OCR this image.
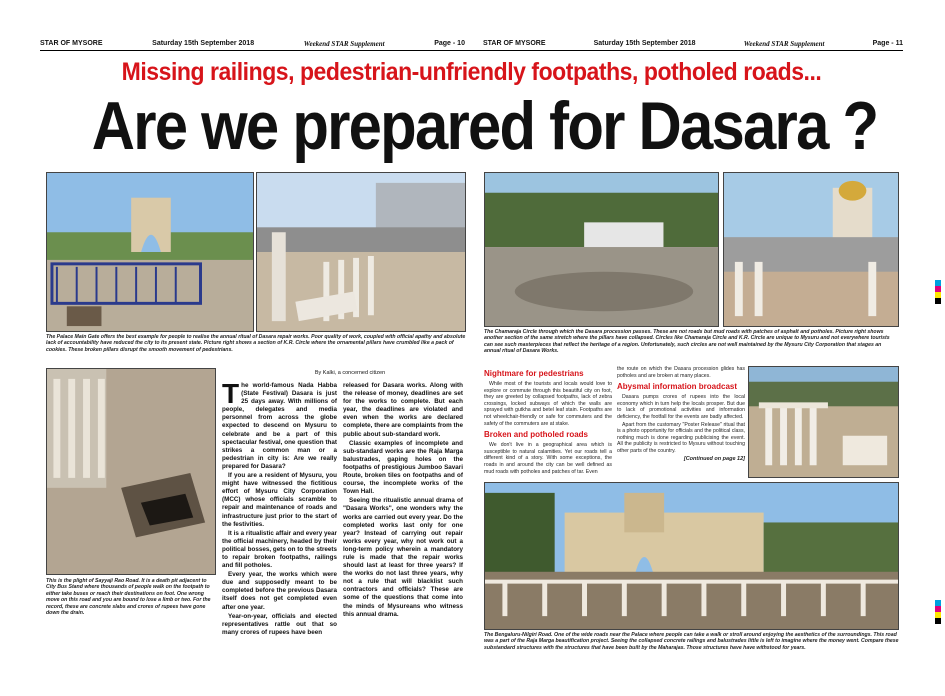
STAR OF MYSORE	Saturday 15th September 2018	Weekend STAR Supplement	Page - 10	STAR OF MYSORE	Saturday 15th September 2018	Weekend STAR Supplement	Page - 11
Missing railings, pedestrian-unfriendly footpaths, potholed roads...
Are we prepared for Dasara ?
The Palace Main Gate offers the best example for people to realise the annual ritual of Dasara repair works. Poor quality of work, coupled with official apathy and absolute lack of accountability have reduced the city to its present state. Picture right shows a section of K.R. Circle where the ornamental pillars have crumbled like a pack of cookies. These broken pillars disrupt the smooth movement of pedestrians.
The Chamaraja Circle through which the Dasara procession passes. These are not roads but mud roads with patches of asphalt and potholes. Picture right shows another section of the same stretch where the pillars have collapsed. Circles like Chamaraja Circle and K.R. Circle are unique to Mysuru and not everywhere tourists can see such masterpieces that reflect the heritage of a region. Unfortunately, such circles are not well maintained by the Mysuru City Corporation that stages an annual ritual of Dasara Works.
This is the plight of Sayyaji Rao Road. It is a death pit adjacent to City Bus Stand where thousands of people walk on the footpath to either take buses or reach their destinations on foot. One wrong move on this road and you are bound to lose a limb or two. For the record, these are concrete slabs and crores of rupees have gone down the drain.
By Kalki, a concerned citizen

The world-famous Nada Habba (State Festival) Dasara is just 25 days away. With millions of people, delegates and media personnel from across the globe expected to descend on Mysuru to celebrate and be a part of this spectacular festival, one question that strikes a common man or a pedestrian in city is: Are we really prepared for Dasara?

If you are a resident of Mysuru, you might have witnessed the fictitious effort of Mysuru City Corporation (MCC) whose officials scramble to repair and maintenance of roads and infrastructure just prior to the start of the festivities.

It is a ritualistic affair and every year the official machinery, headed by their political bosses, gets on to the streets to repair broken footpaths, railings and fill potholes.

Every year, the works which were due and supposedly meant to be completed before the previous Dasara itself does not get completed even after one year.

Year-on-year, officials and elected representatives rattle out that so many crores of rupees have been

released for Dasara works. Along with the release of money, deadlines are set for the works to complete. But each year, the deadlines are violated and even when the works are declared complete, there are complaints from the public about sub-standard work.

Classic examples of incomplete and sub-standard works are the Raja Marga balustrades, gaping holes on the footpaths of prestigious Jumboo Savari Route, broken tiles on footpaths and of course, the incomplete works of the Town Hall.

Seeing the ritualistic annual drama of "Dasara Works", one wonders why the works are carried out every year. Do the completed works last only for one year? Instead of carrying out repair works every year, why not work out a long-term policy wherein a mandatory rule is made that the repair works should last at least for three years? If the works do not last three years, why not a rule that will blacklist such contractors and officials? These are some of the questions that come into the minds of Mysureans who witness this annual drama.

Nightmare for pedestrians

While most of the tourists and locals would love to explore or commute through this beautiful city on foot, they are greeted by collapsed footpaths, lack of zebra crossings, locked subways of which the walls are sprayed with gutkha and betel leaf stain. Footpaths are not wheelchair-friendly or safe for commuters and the safety of the commuters are at stake.

Broken and potholed roads

We don't live in a geographical area which is susceptible to natural calamities. Yet our roads tell a different kind of a story. With some exceptions, the roads in and around the city can be well defined as mud roads with potholes and patches of tar. Even

the route on which the Dasara procession glides has potholes and are broken at many places.

Abysmal information broadcast

Dasara pumps crores of rupees into the local economy which in turn help the locals prosper. But due to lack of promotional activities and information deficiency, the footfall for the events are badly affected.

Apart from the customary "Poster Release" ritual that is a photo opportunity for officials and the political class, nothing much is done regarding publicising the event. All the publicity is restricted to Mysuru without touching other parts of the country.

[Continued on page 12]
The Bengaluru-Nilgiri Road. One of the wide roads near the Palace where people can take a walk or stroll around enjoying the aesthetics of the surroundings. This road was a part of the Raja Marga beautification project. Seeing the collapsed concrete railings and balustrades little is left to imagine where the money went. Compare these substandard structures with the structures that have been built by the Maharajas. Those structures have have withstood for years.
